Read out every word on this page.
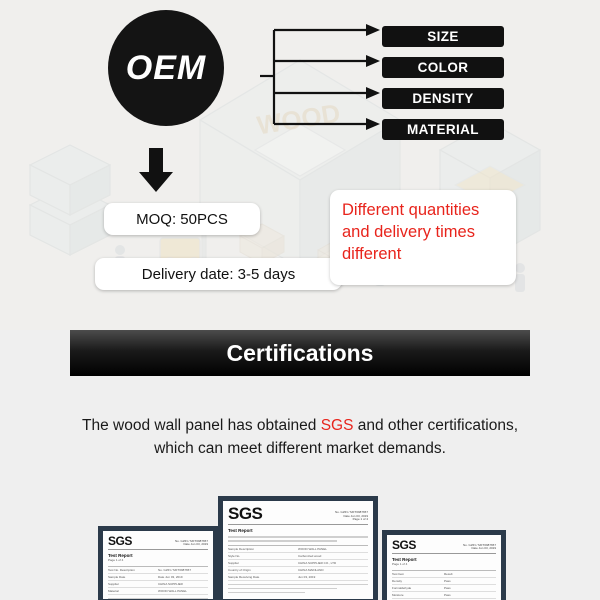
WOOD
OEM
SIZE
COLOR
DENSITY
MATERIAL
MOQ: 50PCS
Delivery date: 3-5 days
Different quantities and delivery times different
Certifications

The wood wall panel has obtained SGS and other certifications, which can meet different market demands.

SGS	No. GZIN / MFT0987657
Date Jun 03, 2019
Test Report
Page 1 of 4
Test No. Description	No. GZIN / MFT0987657
Sample Date	Date Jun 03, 2019
Supplier	CHINA SUPPLIER
Material	WOOD WALL PANEL
SGS	No. GZIN / MFT0987657
Date Jun 03, 2019
Page 1 of 4
Test Report
Sample Description	WOOD WALL PANEL
Style No.	Carbonized wood
Supplier	CHINA SUPPLIER CO., LTD
Country of Origin	CHINA MAINLAND
Sample Receiving Date	Jun 03, 2019
SGS	No. GZIN / MFT0987657
Date Jun 03, 2019
Test Report
Page 1 of 4
Test Item	Result
Density	Pass
Formaldehyde	Pass
Moisture	Pass
